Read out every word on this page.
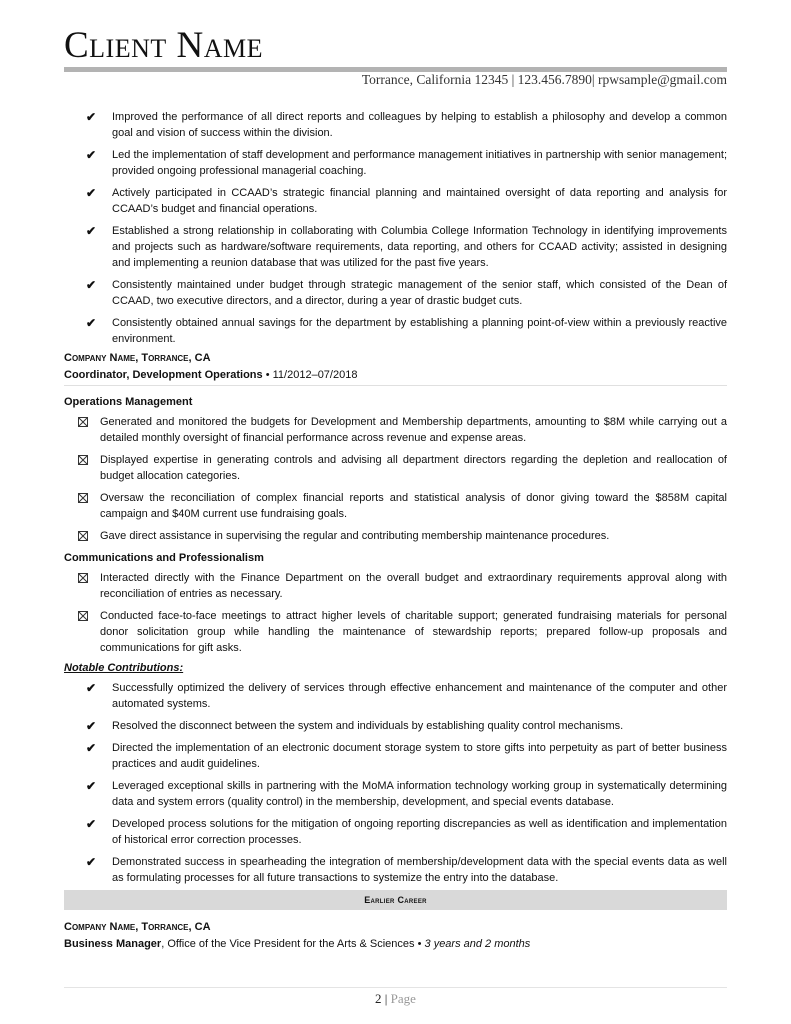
Client Name
Torrance, California 12345 | 123.456.7890| rpwsample@gmail.com
✔ Improved the performance of all direct reports and colleagues by helping to establish a philosophy and develop a common goal and vision of success within the division.
✔ Led the implementation of staff development and performance management initiatives in partnership with senior management; provided ongoing professional managerial coaching.
✔ Actively participated in CCAAD’s strategic financial planning and maintained oversight of data reporting and analysis for CCAAD’s budget and financial operations.
✔ Established a strong relationship in collaborating with Columbia College Information Technology in identifying improvements and projects such as hardware/software requirements, data reporting, and others for CCAAD activity; assisted in designing and implementing a reunion database that was utilized for the past five years.
✔ Consistently maintained under budget through strategic management of the senior staff, which consisted of the Dean of CCAAD, two executive directors, and a director, during a year of drastic budget cuts.
✔ Consistently obtained annual savings for the department by establishing a planning point-of-view within a previously reactive environment.
Company Name, Torrance, CA
Coordinator, Development Operations • 11/2012–07/2018
Operations Management
Generated and monitored the budgets for Development and Membership departments, amounting to $8M while carrying out a detailed monthly oversight of financial performance across revenue and expense areas.
Displayed expertise in generating controls and advising all department directors regarding the depletion and reallocation of budget allocation categories.
Oversaw the reconciliation of complex financial reports and statistical analysis of donor giving toward the $858M capital campaign and $40M current use fundraising goals.
Gave direct assistance in supervising the regular and contributing membership maintenance procedures.
Communications and Professionalism
Interacted directly with the Finance Department on the overall budget and extraordinary requirements approval along with reconciliation of entries as necessary.
Conducted face-to-face meetings to attract higher levels of charitable support; generated fundraising materials for personal donor solicitation group while handling the maintenance of stewardship reports; prepared follow-up proposals and communications for gift asks.
Notable Contributions:
✔ Successfully optimized the delivery of services through effective enhancement and maintenance of the computer and other automated systems.
✔ Resolved the disconnect between the system and individuals by establishing quality control mechanisms.
✔ Directed the implementation of an electronic document storage system to store gifts into perpetuity as part of better business practices and audit guidelines.
✔ Leveraged exceptional skills in partnering with the MoMA information technology working group in systematically determining data and system errors (quality control) in the membership, development, and special events database.
✔ Developed process solutions for the mitigation of ongoing reporting discrepancies as well as identification and implementation of historical error correction processes.
✔ Demonstrated success in spearheading the integration of membership/development data with the special events data as well as formulating processes for all future transactions to systemize the entry into the database.
Earlier Career
Company Name, Torrance, CA
Business Manager, Office of the Vice President for the Arts & Sciences • 3 years and 2 months
2 | Page
